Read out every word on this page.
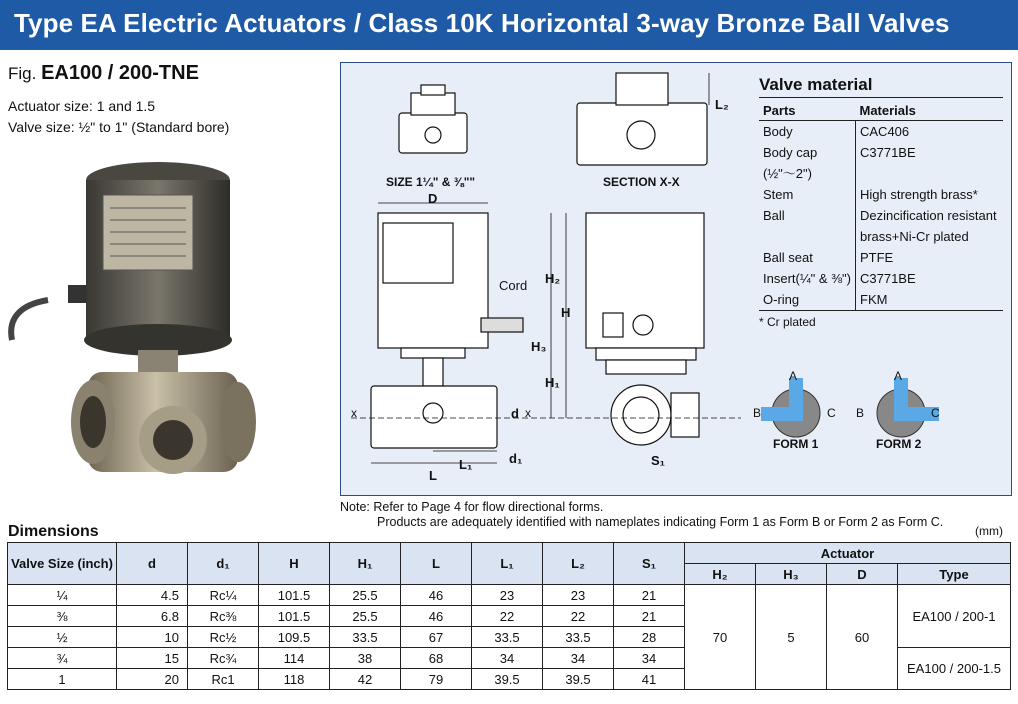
Type EA Electric Actuators / Class 10K Horizontal 3-way Bronze Ball Valves
Fig. EA100 / 200-TNE
Actuator size: 1 and 1.5
Valve size: ½" to 1" (Standard bore)
SIZE 1¼" & ⅜""	SECTION X-X
D
L₂
H₂
H
H₃
H₁
Cord
d
d₁
L₁
L
S₁
x	x
Valve material
Parts	Materials
Body	CAC406
Body cap	C3771BE
(½"～2")	
Stem	High strength brass*
Ball	Dezincification resistant
	brass+Ni-Cr plated
Ball seat	PTFE
Insert(¼" & ⅜")	C3771BE
O-ring	FKM
* Cr plated
A
B	C
FORM 1
A
B	C
FORM 2
Note: Refer to Page 4 for flow directional forms.
Products are adequately identified with nameplates indicating Form 1 as Form B or Form 2 as Form C.
(mm)
Dimensions
Valve Size (inch)	d	d₁	H	H₁	L	L₁	L₂	S₁	Actuator			
									H₂	H₃	D	Type
¼	4.5	Rc¼	101.5	25.5	46	23	23	21	70	5	60	EA100 / 200-1
⅜	6.8	Rc⅜	101.5	25.5	46	22	22	21				
½	10	Rc½	109.5	33.5	67	33.5	33.5	28				
¾	15	Rc¾	114	38	68	34	34	34				EA100 / 200-1.5
1	20	Rc1	118	42	79	39.5	39.5	41				
